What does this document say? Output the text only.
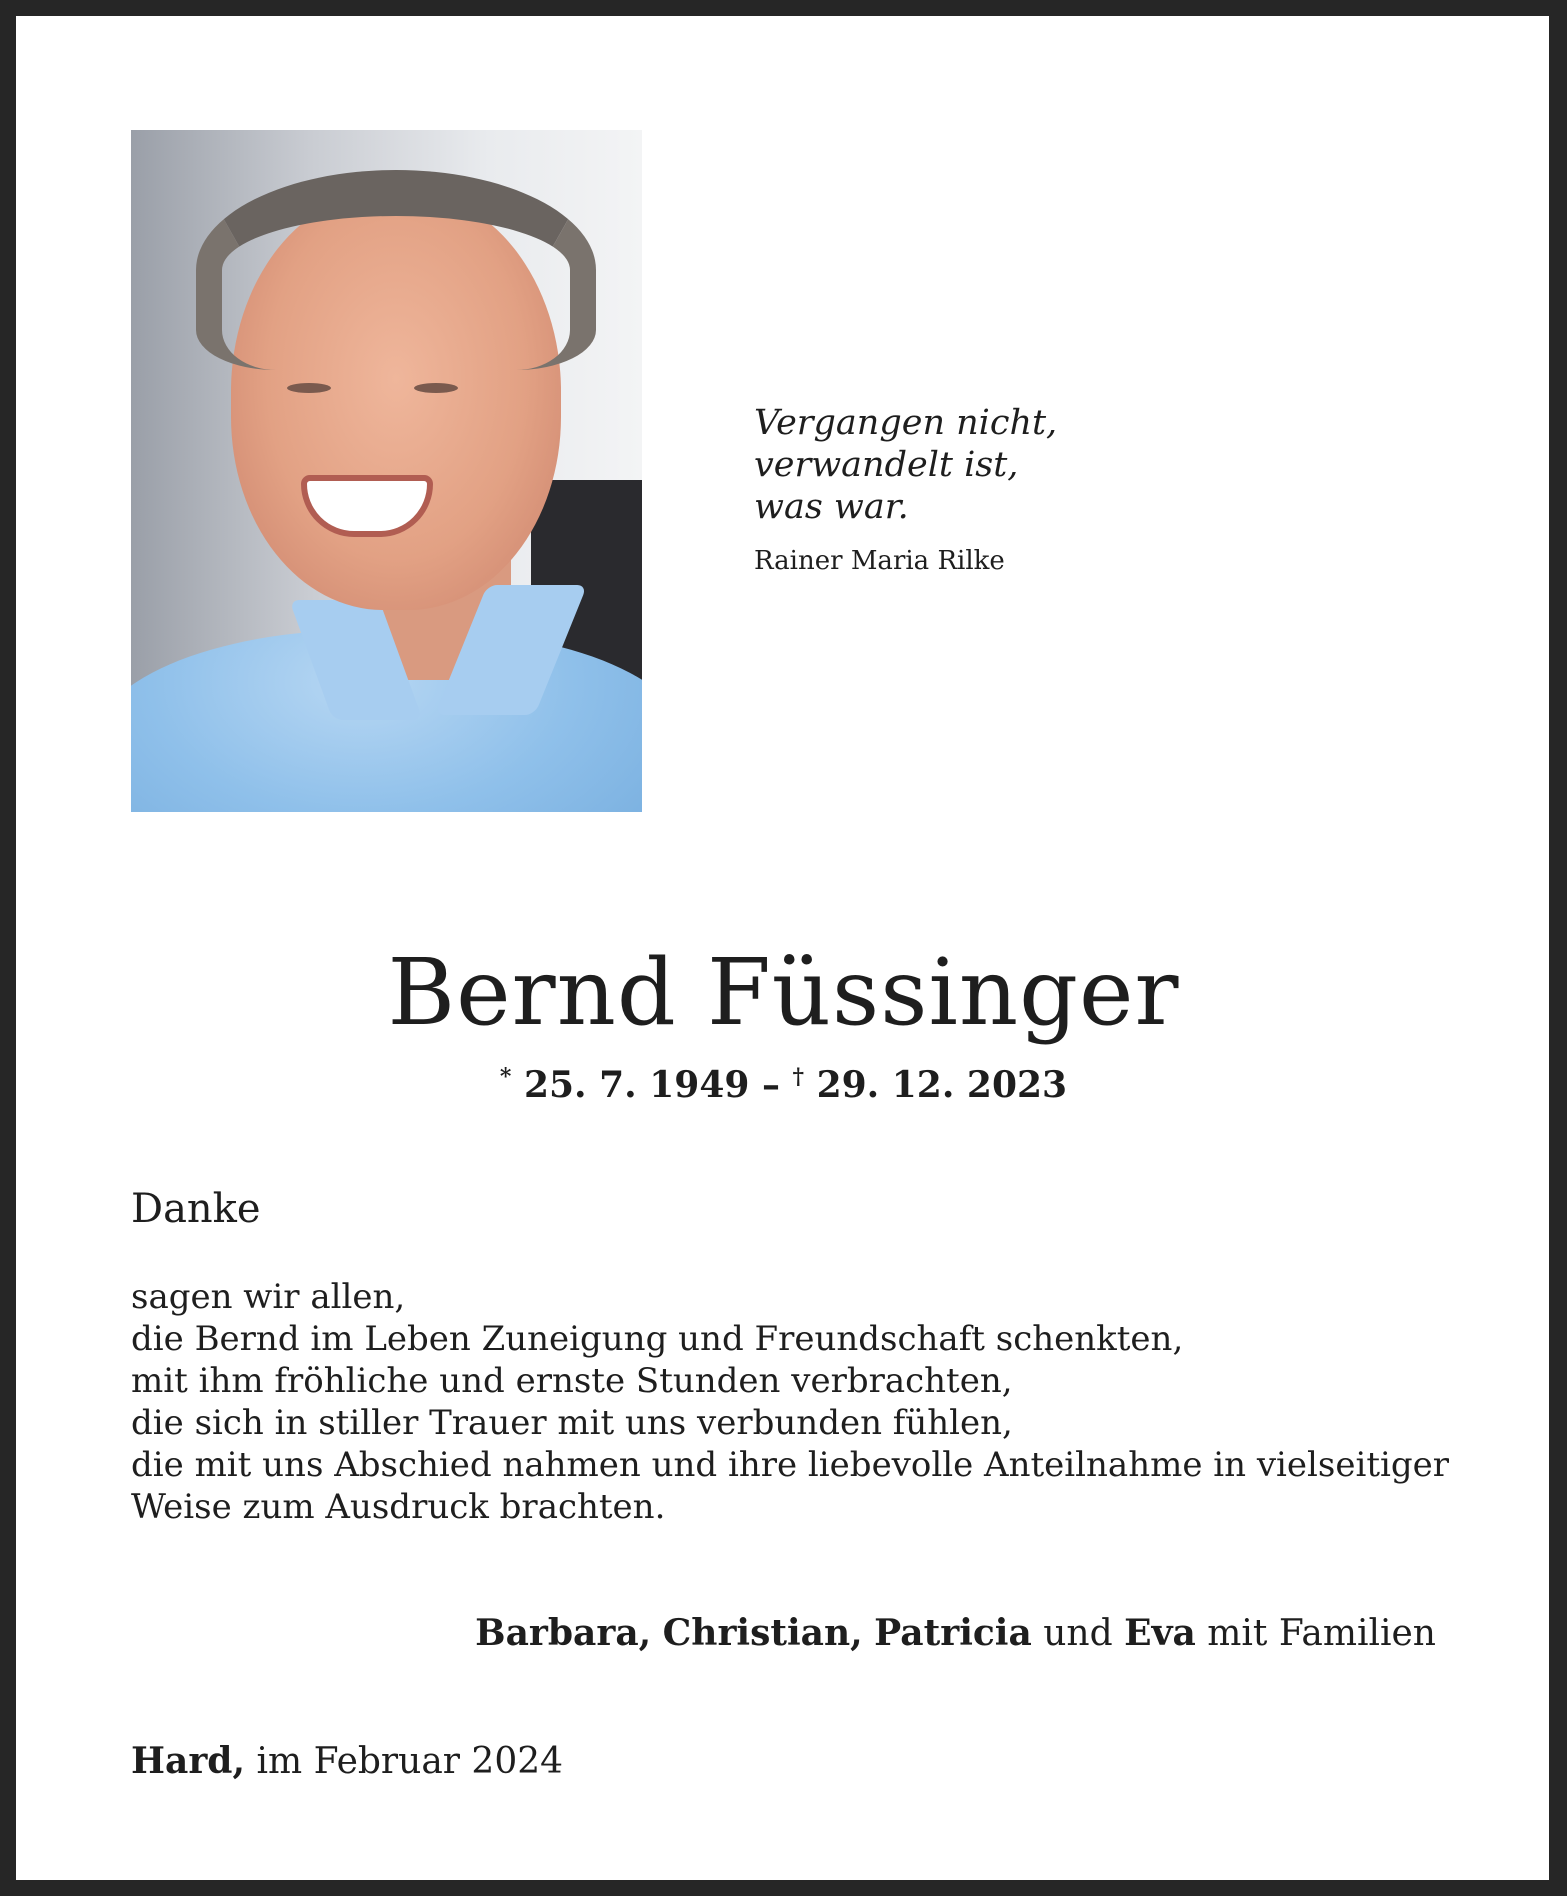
Vergangen nicht,
verwandelt ist,
was war.

Rainer Maria Rilke

Bernd Füssinger

* 25. 7. 1949 – † 29. 12. 2023

Danke

sagen wir allen,
die Bernd im Leben Zuneigung und Freundschaft schenkten,
mit ihm fröhliche und ernste Stunden verbrachten,
die sich in stiller Trauer mit uns verbunden fühlen,
die mit uns Abschied nahmen und ihre liebevolle Anteilnahme in vielseitiger
Weise zum Ausdruck brachten.

Barbara, Christian, Patricia und Eva mit Familien

Hard, im Februar 2024
